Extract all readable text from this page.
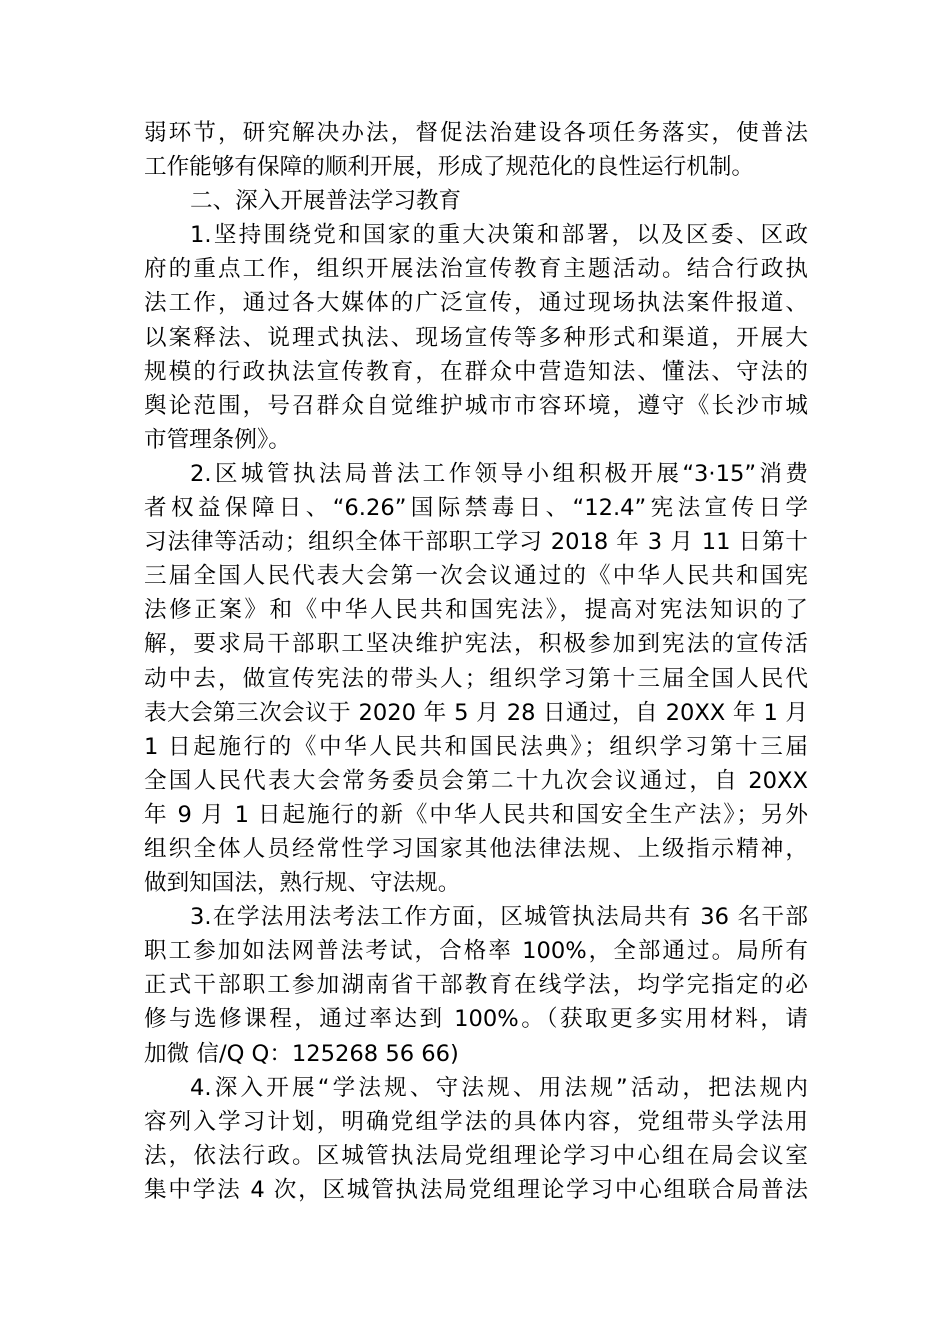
弱环节，研究解决办法，督促法治建设各项任务落实，使普法
工作能够有保障的顺利开展，形成了规范化的良性运行机制。
二、深入开展普法学习教育
1.坚持围绕党和国家的重大决策和部署，以及区委、区政
府的重点工作，组织开展法治宣传教育主题活动。结合行政执
法工作，通过各大媒体的广泛宣传，通过现场执法案件报道、
以案释法、说理式执法、现场宣传等多种形式和渠道，开展大
规模的行政执法宣传教育，在群众中营造知法、懂法、守法的
舆论范围，号召群众自觉维护城市市容环境，遵守《长沙市城
市管理条例》。
2.区城管执法局普法工作领导小组积极开展“3·15”消费
者权益保障日、“6.26”国际禁毒日、“12.4”宪法宣传日学
习法律等活动；组织全体干部职工学习 2018 年 3 月 11 日第十
三届全国人民代表大会第一次会议通过的《中华人民共和国宪
法修正案》和《中华人民共和国宪法》，提高对宪法知识的了
解，要求局干部职工坚决维护宪法，积极参加到宪法的宣传活
动中去，做宣传宪法的带头人；组织学习第十三届全国人民代
表大会第三次会议于 2020 年 5 月 28 日通过，自 20XX 年 1 月
1 日起施行的《中华人民共和国民法典》；组织学习第十三届
全国人民代表大会常务委员会第二十九次会议通过，自 20XX
年 9 月 1 日起施行的新《中华人民共和国安全生产法》；另外
组织全体人员经常性学习国家其他法律法规、上级指示精神，
做到知国法，熟行规、守法规。
3.在学法用法考法工作方面，区城管执法局共有 36 名干部
职工参加如法网普法考试，合格率 100%，全部通过。局所有
正式干部职工参加湖南省干部教育在线学法，均学完指定的必
修与选修课程，通过率达到 100%。（获取更多实用材料，请
加微 信/Q Q：125268 56 66)
4.深入开展“学法规、守法规、用法规”活动，把法规内
容列入学习计划，明确党组学法的具体内容，党组带头学法用
法，依法行政。区城管执法局党组理论学习中心组在局会议室
集中学法 4 次，区城管执法局党组理论学习中心组联合局普法
